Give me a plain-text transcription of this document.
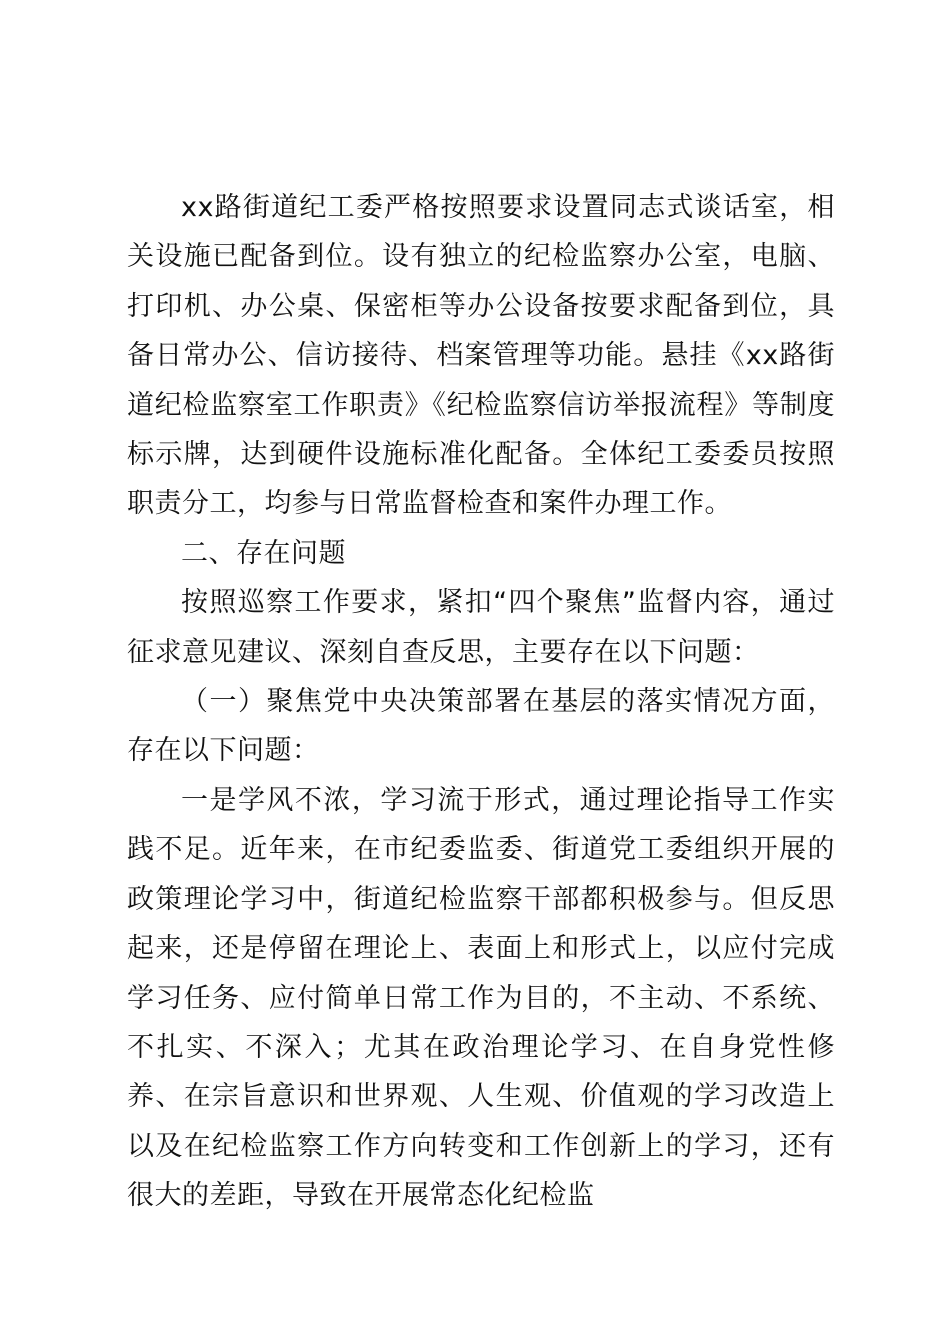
xx路街道纪工委严格按照要求设置同志式谈话室，相关设施已配备到位。设有独立的纪检监察办公室，电脑、打印机、办公桌、保密柜等办公设备按要求配备到位，具备日常办公、信访接待、档案管理等功能。悬挂《xx路街道纪检监察室工作职责》《纪检监察信访举报流程》等制度标示牌，达到硬件设施标准化配备。全体纪工委委员按照职责分工，均参与日常监督检查和案件办理工作。

二、存在问题

按照巡察工作要求，紧扣“四个聚焦”监督内容，通过征求意见建议、深刻自查反思，主要存在以下问题：

（一）聚焦党中央决策部署在基层的落实情况方面，存在以下问题：

一是学风不浓，学习流于形式，通过理论指导工作实践不足。近年来，在市纪委监委、街道党工委组织开展的政策理论学习中，街道纪检监察干部都积极参与。但反思起来，还是停留在理论上、表面上和形式上，以应付完成学习任务、应付简单日常工作为目的，不主动、不系统、不扎实、不深入；尤其在政治理论学习、在自身党性修养、在宗旨意识和世界观、人生观、价值观的学习改造上以及在纪检监察工作方向转变和工作创新上的学习，还有很大的差距，导致在开展常态化纪检监
